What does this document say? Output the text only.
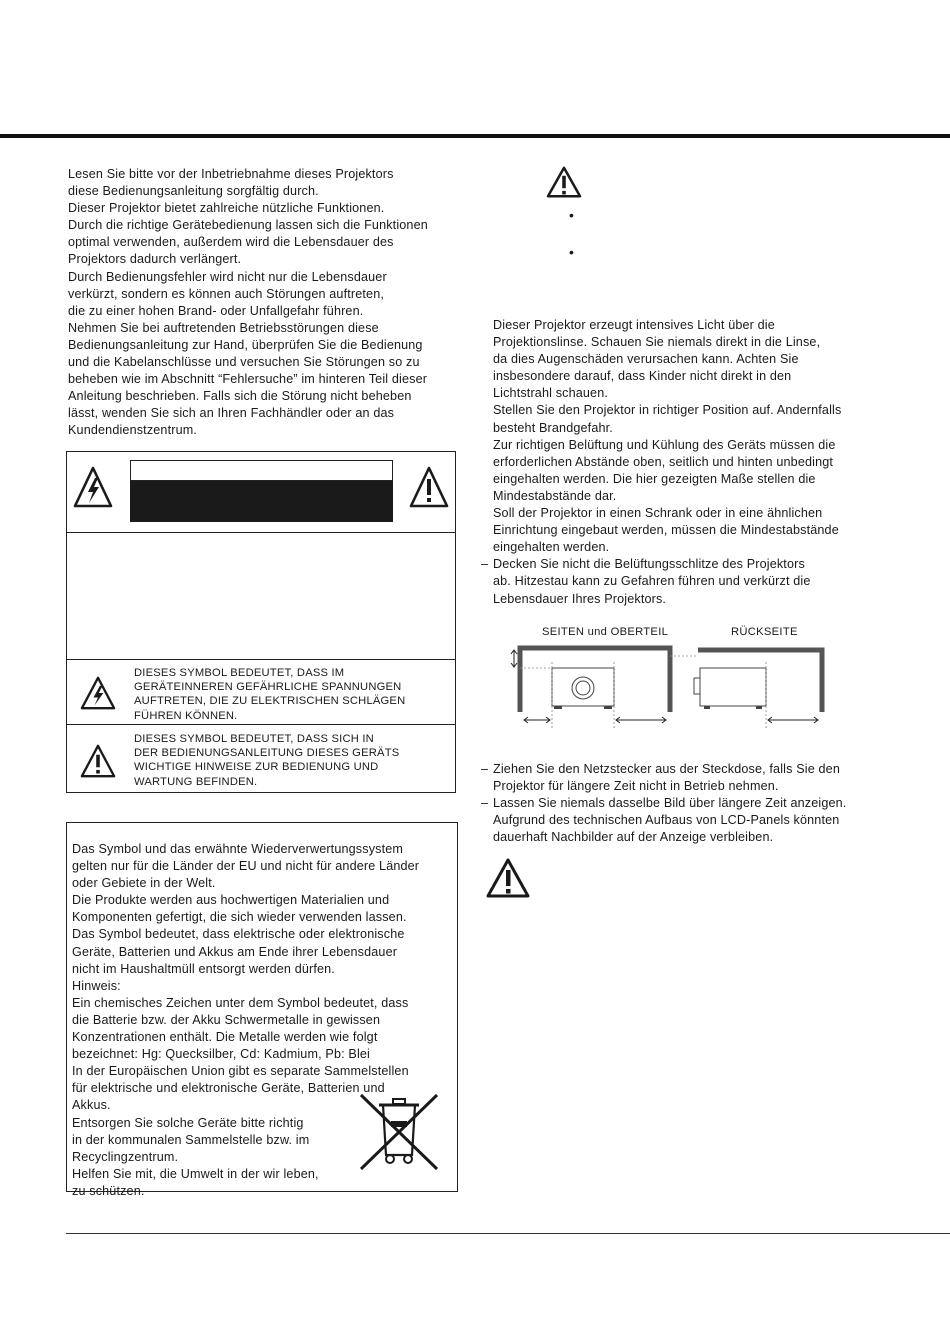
Lesen Sie bitte vor der Inbetriebnahme dieses Projektors
diese Bedienungsanleitung sorgfältig durch.
Dieser Projektor bietet zahlreiche nützliche Funktionen.
Durch die richtige Gerätebedienung lassen sich die Funktionen
optimal verwenden, außerdem wird die Lebensdauer des
Projektors dadurch verlängert.
Durch Bedienungsfehler wird nicht nur die Lebensdauer
verkürzt, sondern es können auch Störungen auftreten,
die zu einer hohen Brand- oder Unfallgefahr führen.
Nehmen Sie bei auftretenden Betriebsstörungen diese
Bedienungsanleitung zur Hand, überprüfen Sie die Bedienung
und die Kabelanschlüsse und versuchen Sie Störungen so zu
beheben wie im Abschnitt “Fehlersuche” im hinteren Teil dieser
Anleitung beschrieben. Falls sich die Störung nicht beheben
lässt, wenden Sie sich an Ihren Fachhändler oder an das
Kundendienstzentrum.
DIESES SYMBOL BEDEUTET, DASS IM
GERÄTEINNEREN GEFÄHRLICHE SPANNUNGEN
AUFTRETEN, DIE ZU ELEKTRISCHEN SCHLÄGEN
FÜHREN KÖNNEN.
DIESES SYMBOL BEDEUTET, DASS SICH IN
DER BEDIENUNGSANLEITUNG DIESES GERÄTS
WICHTIGE HINWEISE ZUR BEDIENUNG UND
WARTUNG BEFINDEN.
Das Symbol und das erwähnte Wiederverwertungssystem
gelten nur für die Länder der EU und nicht für andere Länder
oder Gebiete in der Welt.
Die Produkte werden aus hochwertigen Materialien und
Komponenten gefertigt, die sich wieder verwenden lassen.
Das Symbol bedeutet, dass elektrische oder elektronische
Geräte, Batterien und Akkus am Ende ihrer Lebensdauer
nicht im Haushaltmüll entsorgt werden dürfen.
Hinweis:
Ein chemisches Zeichen unter dem Symbol bedeutet, dass
die Batterie bzw. der Akku Schwermetalle in gewissen
Konzentrationen enthält. Die Metalle werden wie folgt
bezeichnet: Hg: Quecksilber, Cd: Kadmium, Pb: Blei
In der Europäischen Union gibt es separate Sammelstellen
für elektrische und elektronische Geräte, Batterien und
Akkus.
Entsorgen Sie solche Geräte bitte richtig
in der kommunalen Sammelstelle bzw. im
Recyclingzentrum.
Helfen Sie mit, die Umwelt in der wir leben,
zu schützen.
•
•
Dieser Projektor erzeugt intensives Licht über die
Projektionslinse. Schauen Sie niemals direkt in die Linse,
da dies Augenschäden verursachen kann. Achten Sie
insbesondere darauf, dass Kinder nicht direkt in den
Lichtstrahl schauen.
Stellen Sie den Projektor in richtiger Position auf. Andernfalls
besteht Brandgefahr.
Zur richtigen Belüftung und Kühlung des Geräts müssen die
erforderlichen Abstände oben, seitlich und hinten unbedingt
eingehalten werden. Die hier gezeigten Maße stellen die
Mindestabstände dar.
Soll der Projektor in einen Schrank oder in eine ähnlichen
Einrichtung eingebaut werden, müssen die Mindestabstände
eingehalten werden.
– Decken Sie nicht die Belüftungsschlitze des Projektors
ab. Hitzestau kann zu Gefahren führen und verkürzt die
Lebensdauer Ihres Projektors.
SEITEN und OBERTEIL	RÜCKSEITE
– Ziehen Sie den Netzstecker aus der Steckdose, falls Sie den
Projektor für längere Zeit nicht in Betrieb nehmen.
– Lassen Sie niemals dasselbe Bild über längere Zeit anzeigen.
Aufgrund des technischen Aufbaus von LCD-Panels könnten
dauerhaft Nachbilder auf der Anzeige verbleiben.
